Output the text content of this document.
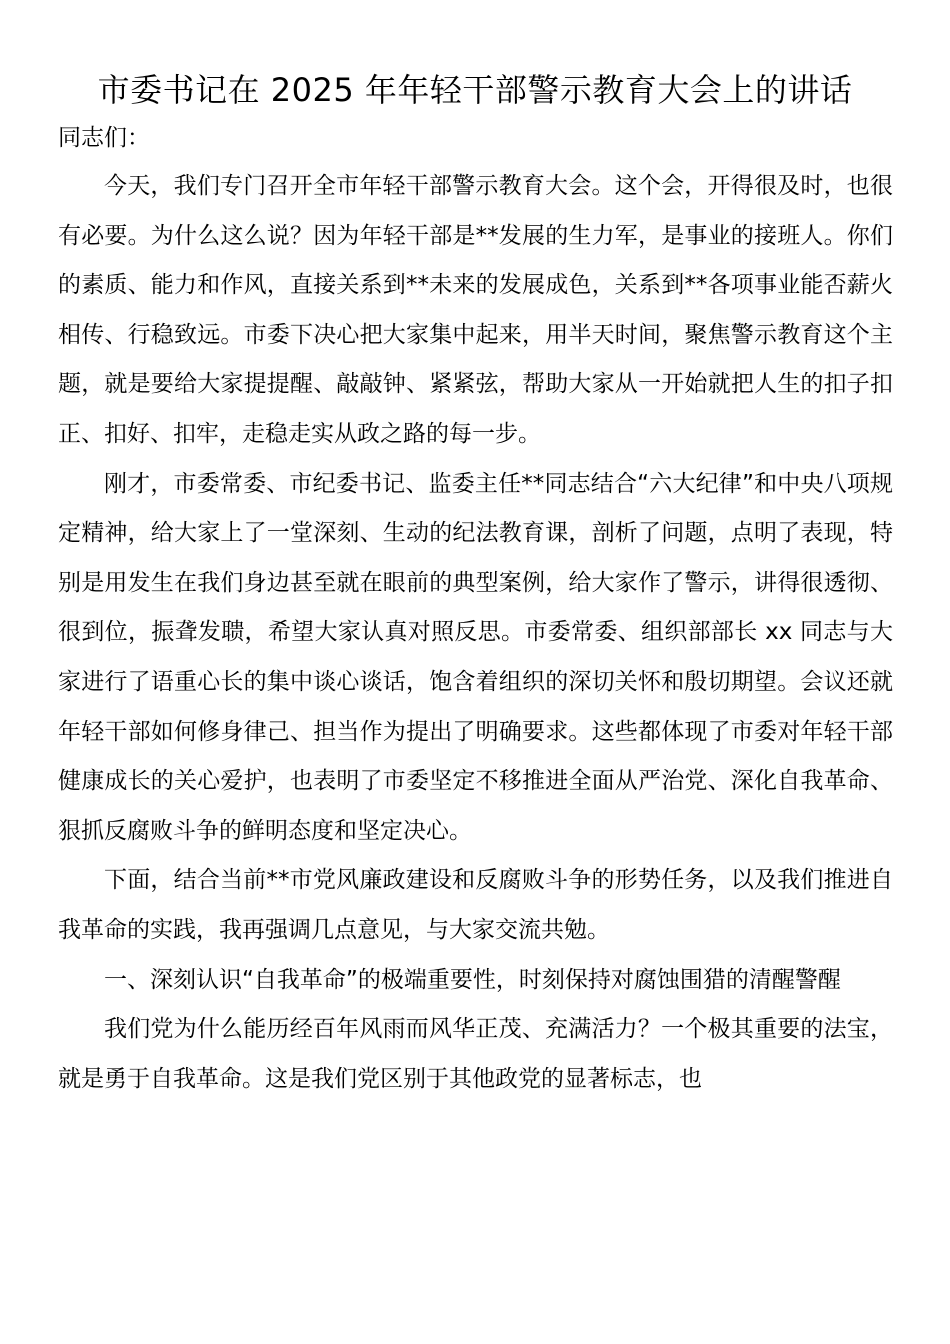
市委书记在 2025 年年轻干部警示教育大会上的讲话

同志们：

今天，我们专门召开全市年轻干部警示教育大会。这个会，开得很及时，也很有必要。为什么这么说？因为年轻干部是**发展的生力军，是事业的接班人。你们的素质、能力和作风，直接关系到**未来的发展成色，关系到**各项事业能否薪火相传、行稳致远。市委下决心把大家集中起来，用半天时间，聚焦警示教育这个主题，就是要给大家提提醒、敲敲钟、紧紧弦，帮助大家从一开始就把人生的扣子扣正、扣好、扣牢，走稳走实从政之路的每一步。

刚才，市委常委、市纪委书记、监委主任**同志结合“六大纪律”和中央八项规定精神，给大家上了一堂深刻、生动的纪法教育课，剖析了问题，点明了表现，特别是用发生在我们身边甚至就在眼前的典型案例，给大家作了警示，讲得很透彻、很到位，振聋发聩，希望大家认真对照反思。市委常委、组织部部长 xx 同志与大家进行了语重心长的集中谈心谈话，饱含着组织的深切关怀和殷切期望。会议还就年轻干部如何修身律己、担当作为提出了明确要求。这些都体现了市委对年轻干部健康成长的关心爱护，也表明了市委坚定不移推进全面从严治党、深化自我革命、狠抓反腐败斗争的鲜明态度和坚定决心。

下面，结合当前**市党风廉政建设和反腐败斗争的形势任务，以及我们推进自我革命的实践，我再强调几点意见，与大家交流共勉。

一、深刻认识“自我革命”的极端重要性，时刻保持对腐蚀围猎的清醒警醒

我们党为什么能历经百年风雨而风华正茂、充满活力？一个极其重要的法宝，就是勇于自我革命。这是我们党区别于其他政党的显著标志，也
